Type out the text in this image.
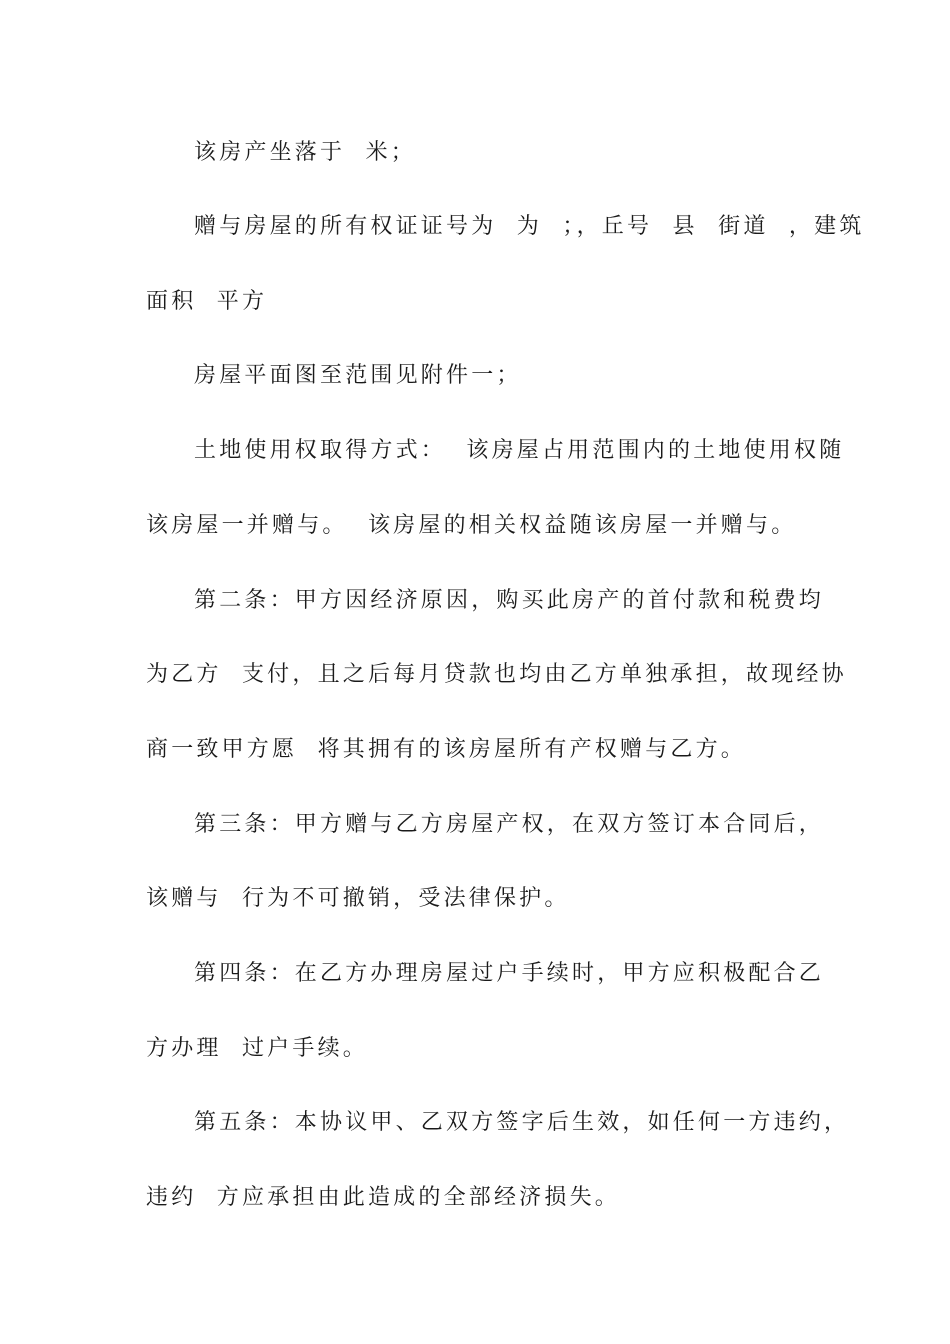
该房产坐落于  米；
赠与房屋的所有权证证号为  为  ；，丘号  县  街道  ，建筑
面积  平方
房屋平面图至范围见附件一；
土地使用权取得方式：  该房屋占用范围内的土地使用权随
该房屋一并赠与。  该房屋的相关权益随该房屋一并赠与。
第二条：甲方因经济原因，购买此房产的首付款和税费均
为乙方  支付，且之后每月贷款也均由乙方单独承担，故现经协
商一致甲方愿  将其拥有的该房屋所有产权赠与乙方。
第三条：甲方赠与乙方房屋产权，在双方签订本合同后，
该赠与  行为不可撤销，受法律保护。
第四条：在乙方办理房屋过户手续时，甲方应积极配合乙
方办理  过户手续。
第五条：本协议甲、乙双方签字后生效，如任何一方违约，
违约  方应承担由此造成的全部经济损失。
